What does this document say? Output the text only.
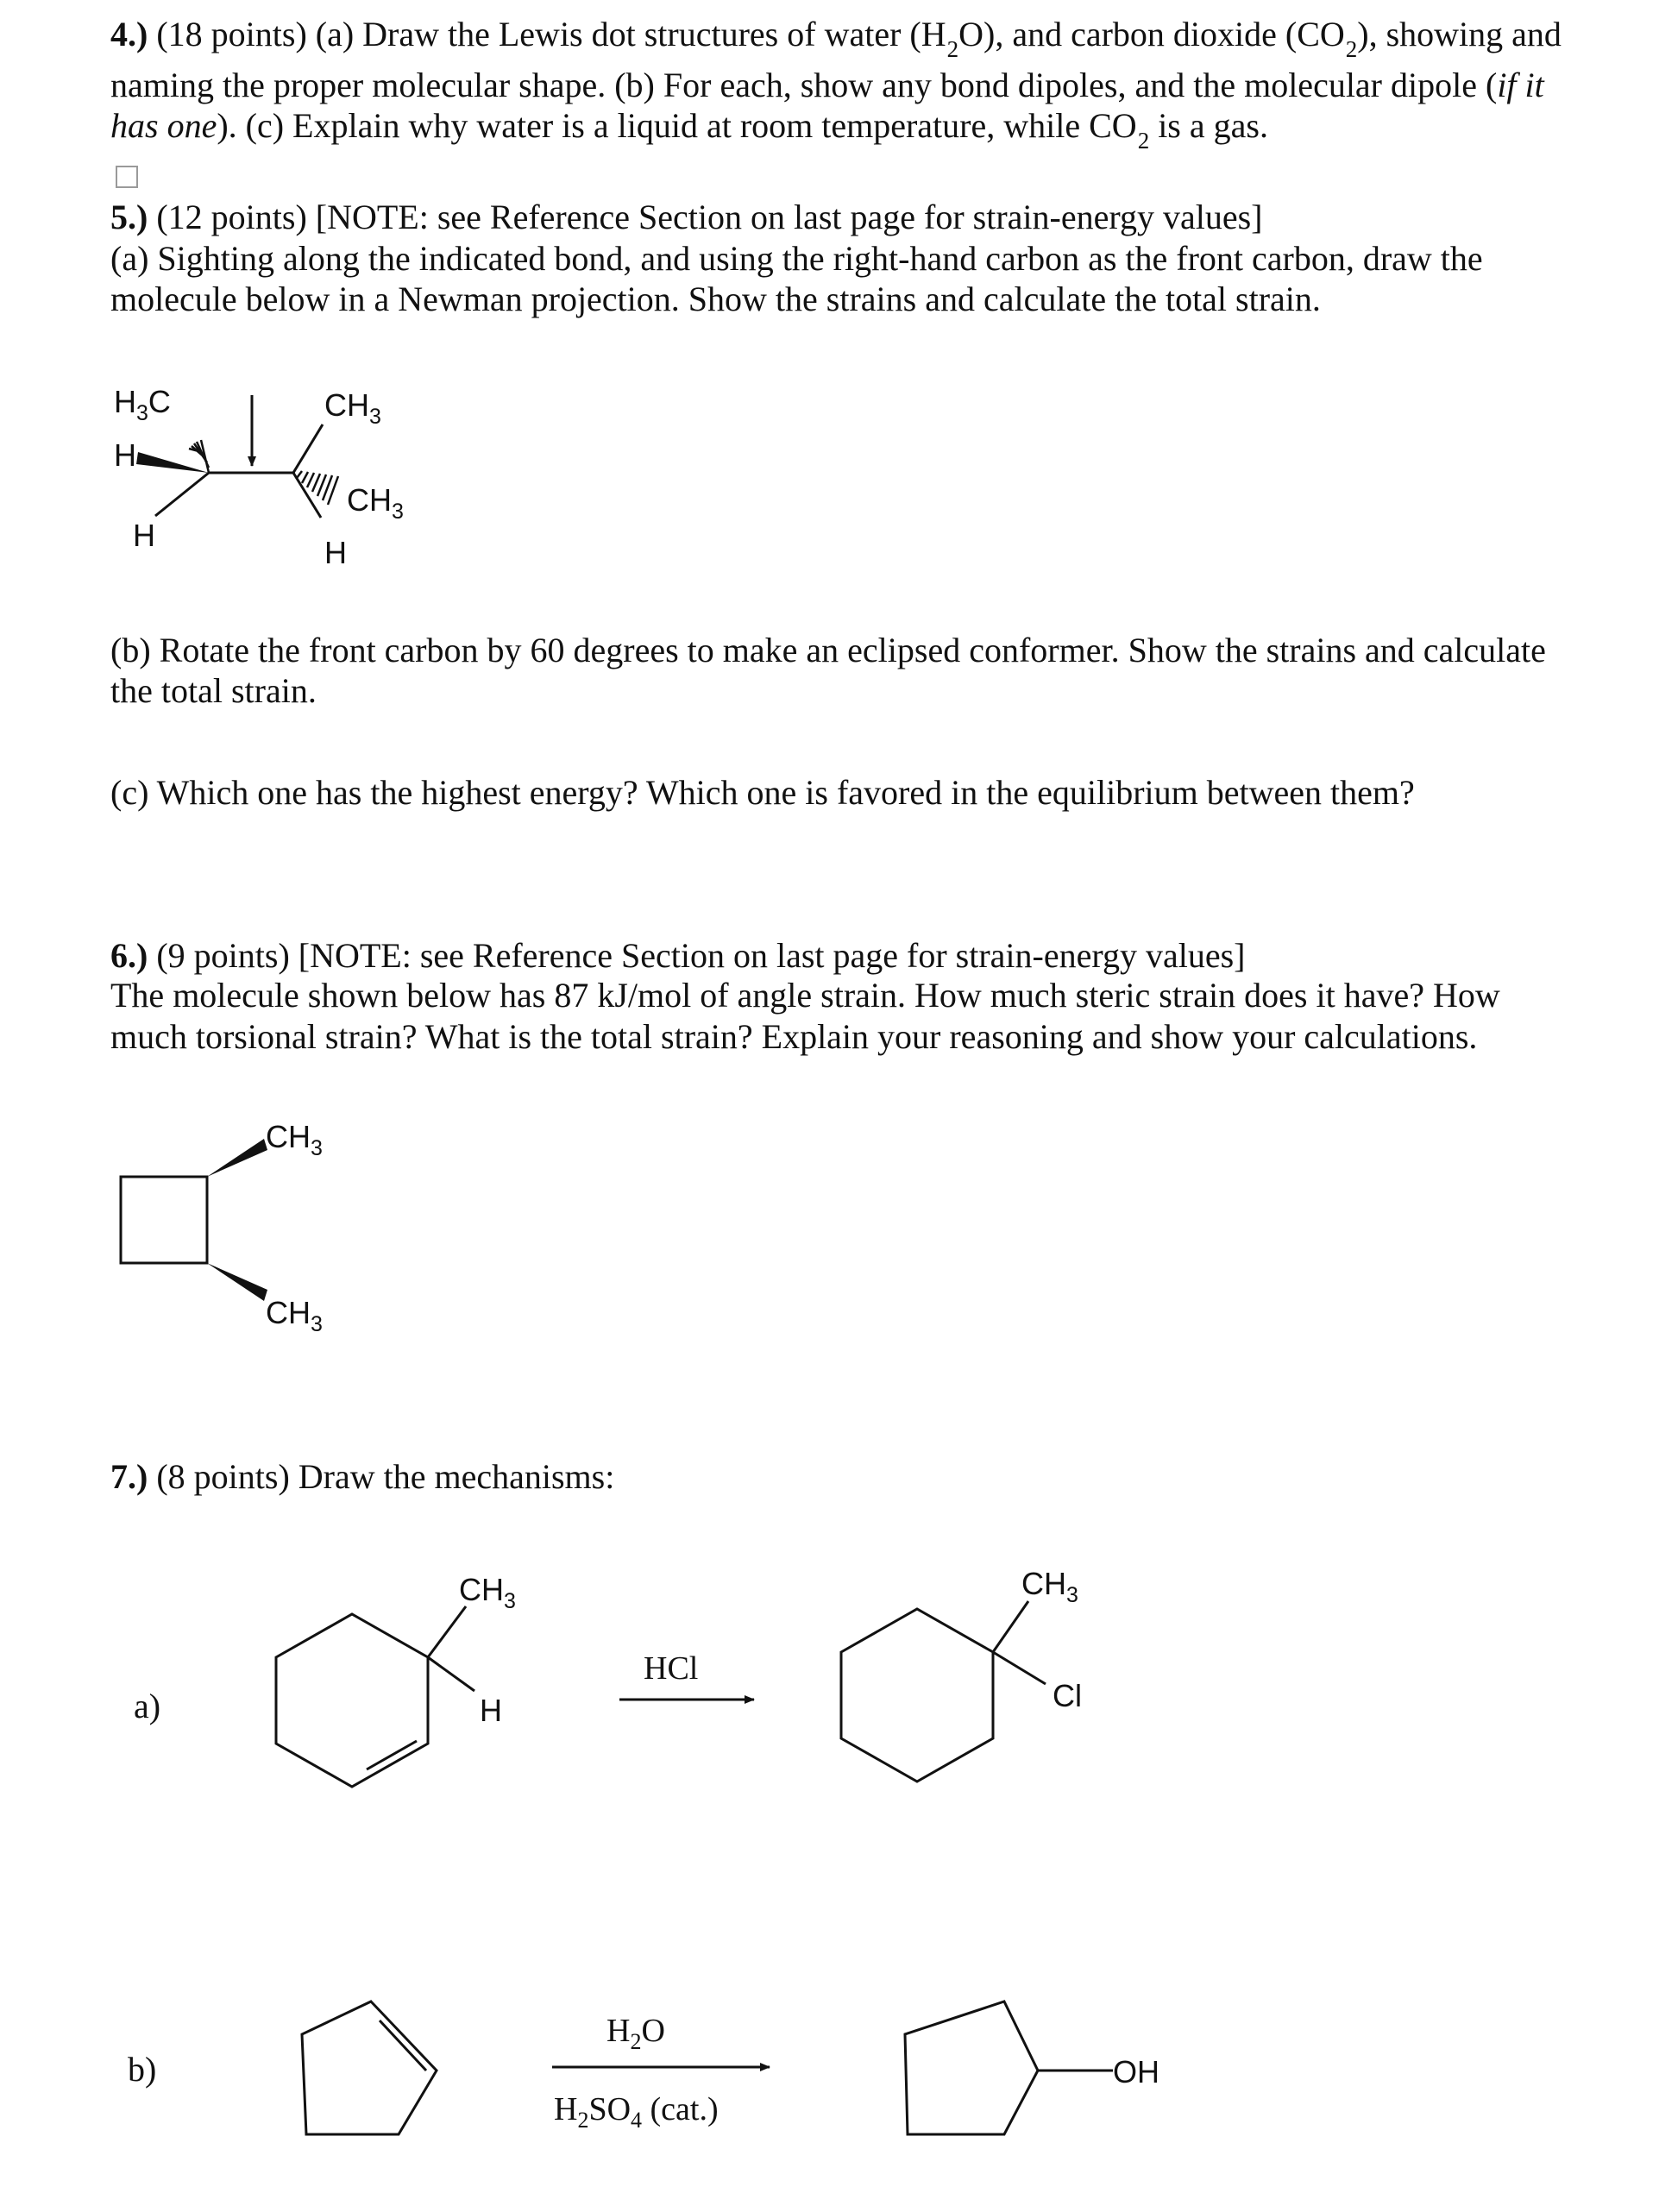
4.) (18 points) (a) Draw the Lewis dot structures of water $(H_2O)$, and carbon dioxide $(CO_2)$, showing and

naming the proper molecular shape. (b) For each, show any bond dipoles, and the molecular dipole (if it

has one). (c) Explain why water is a liquid at room temperature, while $CO_2$ is a gas.

5.) (12 points) [NOTE: see Reference Section on last page for strain-energy values]

(a) Sighting along the indicated bond, and using the right-hand carbon as the front carbon, draw the

molecule below in a Newman projection. Show the strains and calculate the total strain.

(b) Rotate the front carbon by 60 degrees to make an eclipsed conformer. Show the strains and calculate

the total strain.

(c) Which one has the highest energy? Which one is favored in the equilibrium between them?

6.) (9 points) [NOTE: see Reference Section on last page for strain-energy values]

The molecule shown below has 87 kJ/mol of angle strain. How much steric strain does it have? How

much torsional strain? What is the total strain? Explain your reasoning and show your calculations.

7.) (8 points) Draw the mechanisms:

$H_3C$
H
H
$CH_3$
$CH_3$
H
$CH_3$
$CH_3$
a)
$CH_3$
H
HCl
$CH_3$
Cl
b)
$H_2O$
$H_2SO_4$ (cat.)
OH
